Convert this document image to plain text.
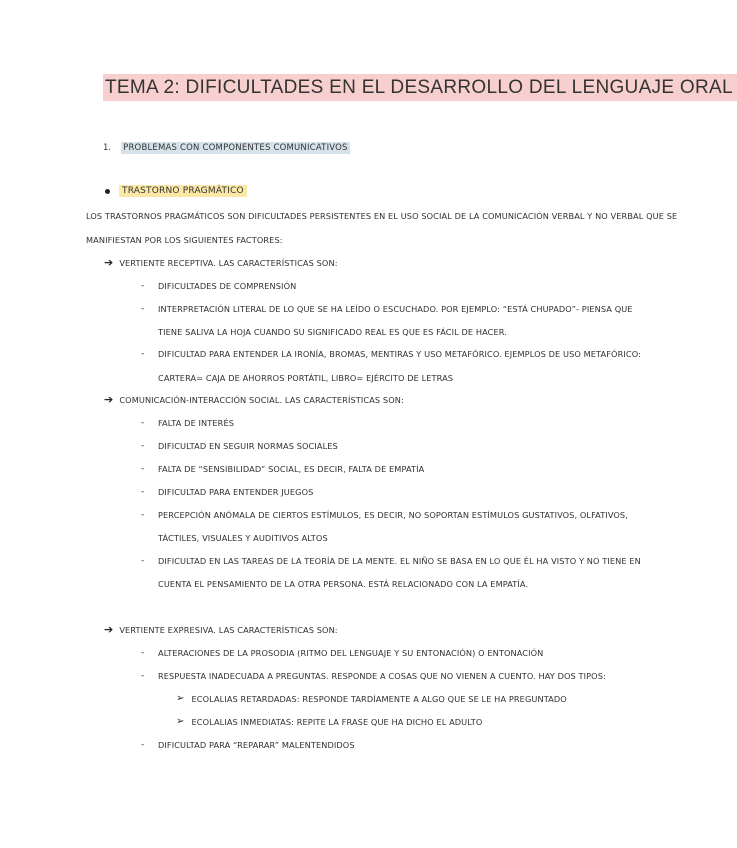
TEMA 2: DIFICULTADES EN EL DESARROLLO DEL LENGUAJE ORAL
1. PROBLEMAS CON COMPONENTES COMUNICATIVOS
TRASTORNO PRAGMÁTICO
LOS TRASTORNOS PRAGMÁTICOS SON DIFICULTADES PERSISTENTES EN EL USO SOCIAL DE LA COMUNICACIÓN VERBAL Y NO VERBAL QUE SE
MANIFIESTAN POR LOS SIGUIENTES FACTORES:
➔ VERTIENTE RECEPTIVA. LAS CARACTERÍSTICAS SON:
- DIFICULTADES DE COMPRENSIÓN
- INTERPRETACIÓN LITERAL DE LO QUE SE HA LEÍDO O ESCUCHADO. POR EJEMPLO: “ESTÁ CHUPADO”- PIENSA QUE
TIENE SALIVA LA HOJA CUANDO SU SIGNIFICADO REAL ES QUE ES FÁCIL DE HACER.
- DIFICULTAD PARA ENTENDER LA IRONÍA, BROMAS, MENTIRAS Y USO METAFÓRICO. EJEMPLOS DE USO METAFÓRICO:
CARTERA= CAJA DE AHORROS PORTÁTIL, LIBRO= EJÉRCITO DE LETRAS
➔ COMUNICACIÓN-INTERACCIÓN SOCIAL. LAS CARACTERÍSTICAS SON:
- FALTA DE INTERÉS
- DIFICULTAD EN SEGUIR NORMAS SOCIALES
- FALTA DE “SENSIBILIDAD” SOCIAL, ES DECIR, FALTA DE EMPATÍA
- DIFICULTAD PARA ENTENDER JUEGOS
- PERCEPCIÓN ANÓMALA DE CIERTOS ESTÍMULOS, ES DECIR, NO SOPORTAN ESTÍMULOS GUSTATIVOS, OLFATIVOS,
TÁCTILES, VISUALES Y AUDITIVOS ALTOS
- DIFICULTAD EN LAS TAREAS DE LA TEORÍA DE LA MENTE. EL NIÑO SE BASA EN LO QUE ÉL HA VISTO Y NO TIENE EN
CUENTA EL PENSAMIENTO DE LA OTRA PERSONA. ESTÁ RELACIONADO CON LA EMPATÍA.
➔ VERTIENTE EXPRESIVA. LAS CARACTERÍSTICAS SON:
- ALTERACIONES DE LA PROSODIA (RITMO DEL LENGUAJE Y SU ENTONACIÓN) O ENTONACIÓN
- RESPUESTA INADECUADA A PREGUNTAS. RESPONDE A COSAS QUE NO VIENEN A CUENTO. HAY DOS TIPOS:
➢ ECOLALIAS RETARDADAS: RESPONDE TARDÍAMENTE A ALGO QUE SE LE HA PREGUNTADO
➢ ECOLALIAS INMEDIATAS: REPITE LA FRASE QUE HA DICHO EL ADULTO
- DIFICULTAD PARA “REPARAR” MALENTENDIDOS
